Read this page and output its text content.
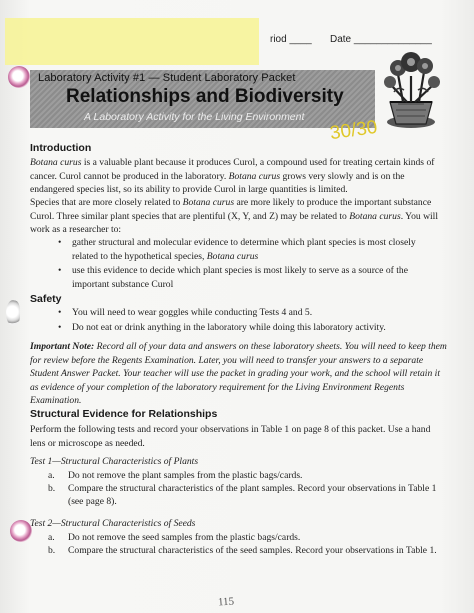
riod ____ Date ______________
Laboratory Activity #1 — Student Laboratory Packet
Relationships and Biodiversity
A Laboratory Activity for the Living Environment 30/30
Introduction

Botana curus is a valuable plant because it produces Curol, a compound used for treating certain kinds of cancer. Curol cannot be produced in the laboratory. Botana curus grows very slowly and is on the endangered species list, so its ability to provide Curol in large quantities is limited.

Species that are more closely related to Botana curus are more likely to produce the important substance Curol. Three similar plant species that are plentiful (X, Y, and Z) may be related to Botana curus. You will work as a researcher to:

• gather structural and molecular evidence to determine which plant species is most closely related to the hypothetical species, Botana curus
• use this evidence to decide which plant species is most likely to serve as a source of the important substance Curol
Safety
• You will need to wear goggles while conducting Tests 4 and 5.
• Do not eat or drink anything in the laboratory while doing this laboratory activity.

Important Note: Record all of your data and answers on these laboratory sheets. You will need to keep them for review before the Regents Examination. Later, you will need to transfer your answers to a separate Student Answer Packet. Your teacher will use the packet in grading your work, and the school will retain it as evidence of your completion of the laboratory requirement for the Living Environment Regents Examination.

Structural Evidence for Relationships

Perform the following tests and record your observations in Table 1 on page 8 of this packet. Use a hand lens or microscope as needed.

Test 1—Structural Characteristics of Plants

a. Do not remove the plant samples from the plastic bags/cards.
b. Compare the structural characteristics of the plant samples. Record your observations in Table 1 (see page 8).

Test 2—Structural Characteristics of Seeds

a. Do not remove the seed samples from the plastic bags/cards.
b. Compare the structural characteristics of the seed samples. Record your observations in Table 1.
115
